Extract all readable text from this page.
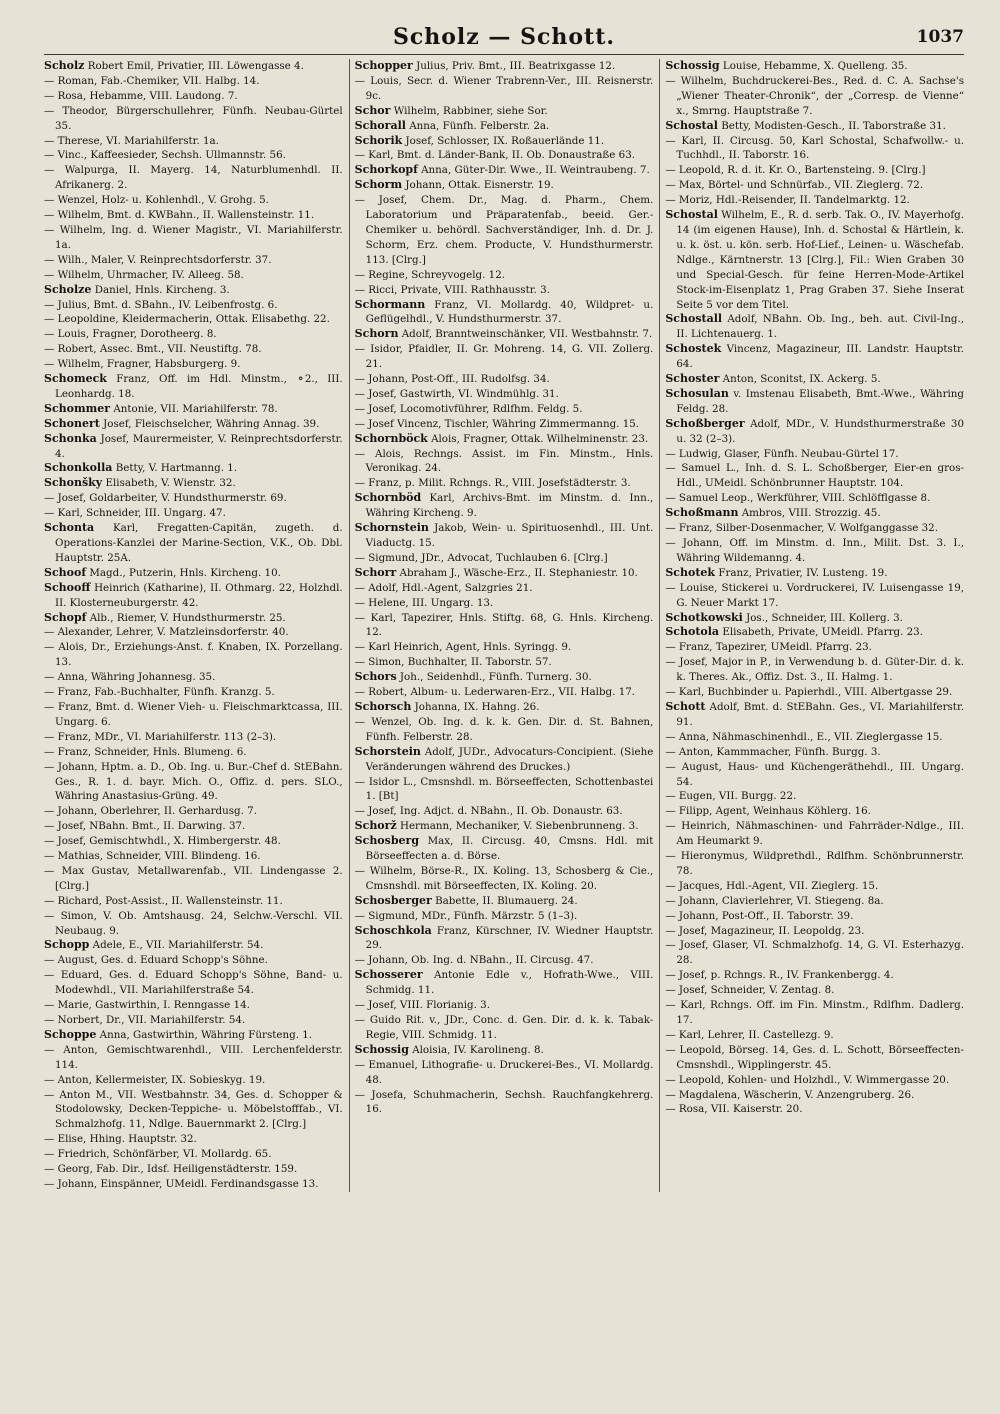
Scholz — Schott.	1037

Scholz Robert Emil, Privatier, III. Löwengasse 4.

— Roman, Fab.-Chemiker, VII. Halbg. 14.

— Rosa, Hebamme, VIII. Laudong. 7.

— Theodor, Bürgerschullehrer, Fünfh. Neubau-Gürtel 35.

— Therese, VI. Mariahilferstr. 1a.

— Vinc., Kaffeesieder, Sechsh. Ullmannstr. 56.

— Walpurga, II. Mayerg. 14, Naturblumenhdl. II. Afrikanerg. 2.

— Wenzel, Holz- u. Kohlenhdl., V. Grohg. 5.

— Wilhelm, Bmt. d. KWBahn., II. Wallensteinstr. 11.

— Wilhelm, Ing. d. Wiener Magistr., VI. Mariahilferstr. 1a.

— Wilh., Maler, V. Reinprechtsdorferstr. 37.

— Wilhelm, Uhrmacher, IV. Alleeg. 58.

Scholze Daniel, Hnls. Kircheng. 3.

— Julius, Bmt. d. SBahn., IV. Leibenfrostg. 6.

— Leopoldine, Kleidermacherin, Ottak. Elisabethg. 22.

— Louis, Fragner, Dorotheerg. 8.

— Robert, Assec. Bmt., VII. Neustiftg. 78.

— Wilhelm, Fragner, Habsburgerg. 9.

Schomeck Franz, Off. im Hdl. Minstm., ⚬2., III. Leonhardg. 18.

Schommer Antonie, VII. Mariahilferstr. 78.

Schonert Josef, Fleischselcher, Währing Annag. 39.

Schonka Josef, Maurermeister, V. Reinprechtsdorferstr. 4.

Schonkolla Betty, V. Hartmanng. 1.

Schonšky Elisabeth, V. Wienstr. 32.

— Josef, Goldarbeiter, V. Hundsthurmerstr. 69.

— Karl, Schneider, III. Ungarg. 47.

Schonta Karl, Fregatten-Capitän, zugeth. d. Operations-Kanzlei der Marine-Section, V.K., Ob. Dbl. Hauptstr. 25A.

Schoof Magd., Putzerin, Hnls. Kircheng. 10.

Schooff Heinrich (Katharine), II. Othmarg. 22, Holzhdl. II. Klosterneuburgerstr. 42.

Schopf Alb., Riemer, V. Hundsthurmerstr. 25.

— Alexander, Lehrer, V. Matzleinsdorferstr. 40.

— Alois, Dr., Erziehungs-Anst. f. Knaben, IX. Porzellang. 13.

— Anna, Währing Johannesg. 35.

— Franz, Fab.-Buchhalter, Fünfh. Kranzg. 5.

— Franz, Bmt. d. Wiener Vieh- u. Fleischmarktcassa, III. Ungarg. 6.

— Franz, MDr., VI. Mariahilferstr. 113 (2–3).

— Franz, Schneider, Hnls. Blumeng. 6.

— Johann, Hptm. a. D., Ob. Ing. u. Bur.-Chef d. StEBahn. Ges., R. 1. d. bayr. Mich. O., Offiz. d. pers. SLO., Währing Anastasius-Grüng. 49.

— Johann, Oberlehrer, II. Gerhardusg. 7.

— Josef, NBahn. Bmt., II. Darwing. 37.

— Josef, Gemischtwhdl., X. Himbergerstr. 48.

— Mathias, Schneider, VIII. Blindeng. 16.

— Max Gustav, Metallwarenfab., VII. Lindengasse 2. [Clrg.]

— Richard, Post-Assist., II. Wallensteinstr. 11.

— Simon, V. Ob. Amtshausg. 24, Selchw.-Verschl. VII. Neubaug. 9.

Schopp Adele, E., VII. Mariahilferstr. 54.

— August, Ges. d. Eduard Schopp's Söhne.

— Eduard, Ges. d. Eduard Schopp's Söhne, Band- u. Modewhdl., VII. Mariahilferstraße 54.

— Marie, Gastwirthin, I. Renngasse 14.

— Norbert, Dr., VII. Mariahilferstr. 54.

Schoppe Anna, Gastwirthin, Währing Fürsteng. 1.

— Anton, Gemischtwarenhdl., VIII. Lerchenfelderstr. 114.

— Anton, Kellermeister, IX. Sobieskyg. 19.

— Anton M., VII. Westbahnstr. 34, Ges. d. Schopper & Stodolowsky, Decken-Teppiche- u. Möbelstofffab., VI. Schmalzhofg. 11, Ndlge. Bauernmarkt 2. [Clrg.]

— Elise, Hhing. Hauptstr. 32.

— Friedrich, Schönfärber, VI. Mollardg. 65.

— Georg, Fab. Dir., Idsf. Heiligenstädterstr. 159.

— Johann, Einspänner, UMeidl. Ferdinandsgasse 13.

Schopper Julius, Priv. Bmt., III. Beatrixgasse 12.

— Louis, Secr. d. Wiener Trabrenn-Ver., III. Reisnerstr. 9c.

Schor Wilhelm, Rabbiner, siehe Sor.

Schorall Anna, Fünfh. Felberstr. 2a.

Schorik Josef, Schlosser, IX. Roßauerlände 11.

— Karl, Bmt. d. Länder-Bank, II. Ob. Donaustraße 63.

Schorkopf Anna, Güter-Dir. Wwe., II. Weintraubeng. 7.

Schorm Johann, Ottak. Eisnerstr. 19.

— Josef, Chem. Dr., Mag. d. Pharm., Chem. Laboratorium und Präparatenfab., beeid. Ger.-Chemiker u. behördl. Sachverständiger, Inh. d. Dr. J. Schorm, Erz. chem. Producte, V. Hundsthurmerstr. 113. [Clrg.]

— Regine, Schreyvogelg. 12.

— Ricci, Private, VIII. Rathhausstr. 3.

Schormann Franz, VI. Mollardg. 40, Wildpret- u. Geflügelhdl., V. Hundsthurmerstr. 37.

Schorn Adolf, Branntweinschänker, VII. Westbahnstr. 7.

— Isidor, Pfaidler, II. Gr. Mohreng. 14, G. VII. Zollerg. 21.

— Johann, Post-Off., III. Rudolfsg. 34.

— Josef, Gastwirth, VI. Windmühlg. 31.

— Josef, Locomotivführer, Rdlfhm. Feldg. 5.

— Josef Vincenz, Tischler, Währing Zimmermanng. 15.

Schornböck Alois, Fragner, Ottak. Wilhelminenstr. 23.

— Alois, Rechngs. Assist. im Fin. Minstm., Hnls. Veronikag. 24.

— Franz, p. Milit. Rchngs. R., VIII. Josefstädterstr. 3.

Schornböd Karl, Archivs-Bmt. im Minstm. d. Inn., Währing Kircheng. 9.

Schornstein Jakob, Wein- u. Spirituosenhdl., III. Unt. Viaductg. 15.

— Sigmund, JDr., Advocat, Tuchlauben 6. [Clrg.]

Schorr Abraham J., Wäsche-Erz., II. Stephaniestr. 10.

— Adolf, Hdl.-Agent, Salzgries 21.

— Helene, III. Ungarg. 13.

— Karl, Tapezirer, Hnls. Stiftg. 68, G. Hnls. Kircheng. 12.

— Karl Heinrich, Agent, Hnls. Syringg. 9.

— Simon, Buchhalter, II. Taborstr. 57.

Schors Joh., Seidenhdl., Fünfh. Turnerg. 30.

— Robert, Album- u. Lederwaren-Erz., VII. Halbg. 17.

Schorsch Johanna, IX. Hahng. 26.

— Wenzel, Ob. Ing. d. k. k. Gen. Dir. d. St. Bahnen, Fünfh. Felberstr. 28.

Schorstein Adolf, JUDr., Advocaturs-Concipient. (Siehe Veränderungen während des Druckes.)

— Isidor L., Cmsnshdl. m. Börseeffecten, Schottenbastei 1. [Bt]

— Josef, Ing. Adjct. d. NBahn., II. Ob. Donaustr. 63.

Schorž Hermann, Mechaniker, V. Siebenbrunneng. 3.

Schosberg Max, II. Circusg. 40, Cmsns. Hdl. mit Börseeffecten a. d. Börse.

— Wilhelm, Börse-R., IX. Koling. 13, Schosberg & Cie., Cmsnshdl. mit Börseeffecten, IX. Koling. 20.

Schosberger Babette, II. Blumauerg. 24.

— Sigmund, MDr., Fünfh. Märzstr. 5 (1–3).

Schoschkola Franz, Kürschner, IV. Wiedner Hauptstr. 29.

— Johann, Ob. Ing. d. NBahn., II. Circusg. 47.

Schosserer Antonie Edle v., Hofrath-Wwe., VIII. Schmidg. 11.

— Josef, VIII. Florianig. 3.

— Guido Rit. v., JDr., Conc. d. Gen. Dir. d. k. k. Tabak-Regie, VIII. Schmidg. 11.

Schossig Aloisia, IV. Karolineng. 8.

— Emanuel, Lithografie- u. Druckerei-Bes., VI. Mollardg. 48.

— Josefa, Schuhmacherin, Sechsh. Rauchfangkehrerg. 16.

Schossig Louise, Hebamme, X. Quelleng. 35.

— Wilhelm, Buchdruckerei-Bes., Red. d. C. A. Sachse's „Wiener Theater-Chronik“, der „Corresp. de Vienne“ x., Smrng. Hauptstraße 7.

Schostal Betty, Modisten-Gesch., II. Taborstraße 31.

— Karl, II. Circusg. 50, Karl Schostal, Schafwollw.- u. Tuchhdl., II. Taborstr. 16.

— Leopold, R. d. it. Kr. O., Bartensteing. 9. [Clrg.]

— Max, Börtel- und Schnürfab., VII. Zieglerg. 72.

— Moriz, Hdl.-Reisender, II. Tandelmarktg. 12.

Schostal Wilhelm, E., R. d. serb. Tak. O., IV. Mayerhofg. 14 (im eigenen Hause), Inh. d. Schostal & Härtlein, k. u. k. öst. u. kön. serb. Hof-Lief., Leinen- u. Wäschefab. Ndlge., Kärntnerstr. 13 [Clrg.], Fil.: Wien Graben 30 und Special-Gesch. für feine Herren-Mode-Artikel Stock-im-Eisenplatz 1, Prag Graben 37. Siehe Inserat Seite 5 vor dem Titel.

Schostall Adolf, NBahn. Ob. Ing., beh. aut. Civil-Ing., II. Lichtenauerg. 1.

Schostek Vincenz, Magazineur, III. Landstr. Hauptstr. 64.

Schoster Anton, Sconitst, IX. Ackerg. 5.

Schosulan v. Imstenau Elisabeth, Bmt.-Wwe., Währing Feldg. 28.

Schoßberger Adolf, MDr., V. Hundsthurmerstraße 30 u. 32 (2–3).

— Ludwig, Glaser, Fünfh. Neubau-Gürtel 17.

— Samuel L., Inh. d. S. L. Schoßberger, Eier-en gros-Hdl., UMeidl. Schönbrunner Hauptstr. 104.

— Samuel Leop., Werkführer, VIII. Schlöfflgasse 8.

Schoßmann Ambros, VIII. Strozzig. 45.

— Franz, Silber-Dosenmacher, V. Wolfganggasse 32.

— Johann, Off. im Minstm. d. Inn., Milit. Dst. 3. I., Währing Wildemanng. 4.

Schotek Franz, Privatier, IV. Lusteng. 19.

— Louise, Stickerei u. Vordruckerei, IV. Luisengasse 19, G. Neuer Markt 17.

Schotkowski Jos., Schneider, III. Kollerg. 3.

Schotola Elisabeth, Private, UMeidl. Pfarrg. 23.

— Franz, Tapezirer, UMeidl. Pfarrg. 23.

— Josef, Major in P., in Verwendung b. d. Güter-Dir. d. k. k. Theres. Ak., Offiz. Dst. 3., II. Halmg. 1.

— Karl, Buchbinder u. Papierhdl., VIII. Albertgasse 29.

Schott Adolf, Bmt. d. StEBahn. Ges., VI. Mariahilferstr. 91.

— Anna, Nähmaschinenhdl., E., VII. Zieglergasse 15.

— Anton, Kammmacher, Fünfh. Burgg. 3.

— August, Haus- und Küchengeräthehdl., III. Ungarg. 54.

— Eugen, VII. Burgg. 22.

— Filipp, Agent, Weinhaus Köhlerg. 16.

— Heinrich, Nähmaschinen- und Fahrräder-Ndlge., III. Am Heumarkt 9.

— Hieronymus, Wildprethdl., Rdlfhm. Schönbrunnerstr. 78.

— Jacques, Hdl.-Agent, VII. Zieglerg. 15.

— Johann, Clavierlehrer, VI. Stiegeng. 8a.

— Johann, Post-Off., II. Taborstr. 39.

— Josef, Magazineur, II. Leopoldg. 23.

— Josef, Glaser, VI. Schmalzhofg. 14, G. VI. Esterhazyg. 28.

— Josef, p. Rchngs. R., IV. Frankenbergg. 4.

— Josef, Schneider, V. Zentag. 8.

— Karl, Rchngs. Off. im Fin. Minstm., Rdlfhm. Dadlerg. 17.

— Karl, Lehrer, II. Castellezg. 9.

— Leopold, Börseg. 14, Ges. d. L. Schott, Börseeffecten-Cmsnshdl., Wipplingerstr. 45.

— Leopold, Kohlen- und Holzhdl., V. Wimmergasse 20.

— Magdalena, Wäscherin, V. Anzengruberg. 26.

— Rosa, VII. Kaiserstr. 20.
